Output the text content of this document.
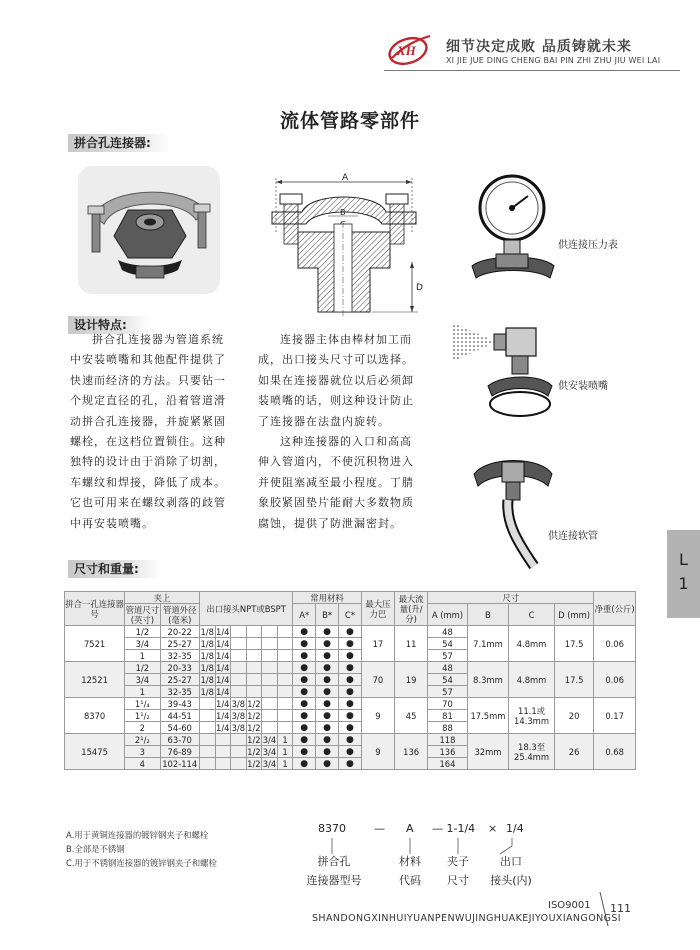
XH 细节决定成败 品质铸就未来
XI JIE JUE DING CHENG BAI PIN ZHI ZHU JIU WEI LAI
流体管路零部件
拼合孔连接器:
A
B
D
供连接压力表
供安装喷嘴
供连接软管
设计特点:
拼合孔连接器为管道系统
中安装喷嘴和其他配件提供了
快速而经济的方法。只要钻一
个规定直径的孔，沿着管道滑
动拼合孔连接器，并旋紧紧固
螺栓，在这档位置锁住。这种
独特的设计由于消除了切割，
车螺纹和焊接，降低了成本。
它也可用来在螺纹剥落的歧管
中再安装喷嘴。
连接器主体由棒材加工而
成，出口接头尺寸可以选择。
如果在连接器就位以后必须卸
装喷嘴的话，则这种设计防止
了连接器在法盘内旋转。
这种连接器的入口和高高
伸入管道内，不使沉积物进入
并使阻塞减至最小程度。丁腈
象胶紧固垫片能耐大多数物质
腐蚀，提供了防泄漏密封。
L
1
尺寸和重量:
拼合一孔连接器号	夹上		出口接头NPT或BSPT						常用材料			最大压力巴	最大流量(升/分)	尺寸				净重(公斤)
	管道尺寸(英寸)	管道外径(毫米)							A*	B*	C*			A (mm)	B	C	D (mm)	

7521	1/2	20-22	1/8	1/4					●	●	●	17	11	48	7.1mm	4.8mm	17.5	0.06
	3/4	25-27	1/8	1/4					●	●	●			54				
	1	32-35	1/8	1/4					●	●	●			57				
12521	1/2	20-33	1/8	1/4					●	●	●	70	19	48	8.3mm	4.8mm	17.5	0.06
	3/4	25-27	1/8	1/4					●	●	●			54				
	1	32-35	1/8	1/4					●	●	●			57				
8370	1¹/₄	39-43		1/4	3/8	1/2			●	●	●	9	45	70	17.5mm	11.1或14.3mm	20	0.17
	1¹/₂	44-51		1/4	3/8	1/2			●	●	●			81				
	2	54-60		1/4	3/8	1/2			●	●	●			88				
15475	2¹/₂	63-70				1/2	3/4	1	●	●	●	9	136	118	32mm	18.3至25.4mm	26	0.68
	3	76-89				1/2	3/4	1	●	●	●			136				
	4	102-114				1/2	3/4	1	●	●	●			164				
A.用于黄铜连接器的镀锌钢夹子和螺栓
B.全部是不锈钢
C.用于不锈钢连接器的镀锌钢夹子和螺栓
8370	— A — 1-1/4 × 1/4
拼合孔
连接器型号
材料
代码
夹子
尺寸
出口
接头(内)
ISO9001 111
SHANDONGXINHUIYUANPENWUJINGHUAKEJIYOUXIANGONGSI
